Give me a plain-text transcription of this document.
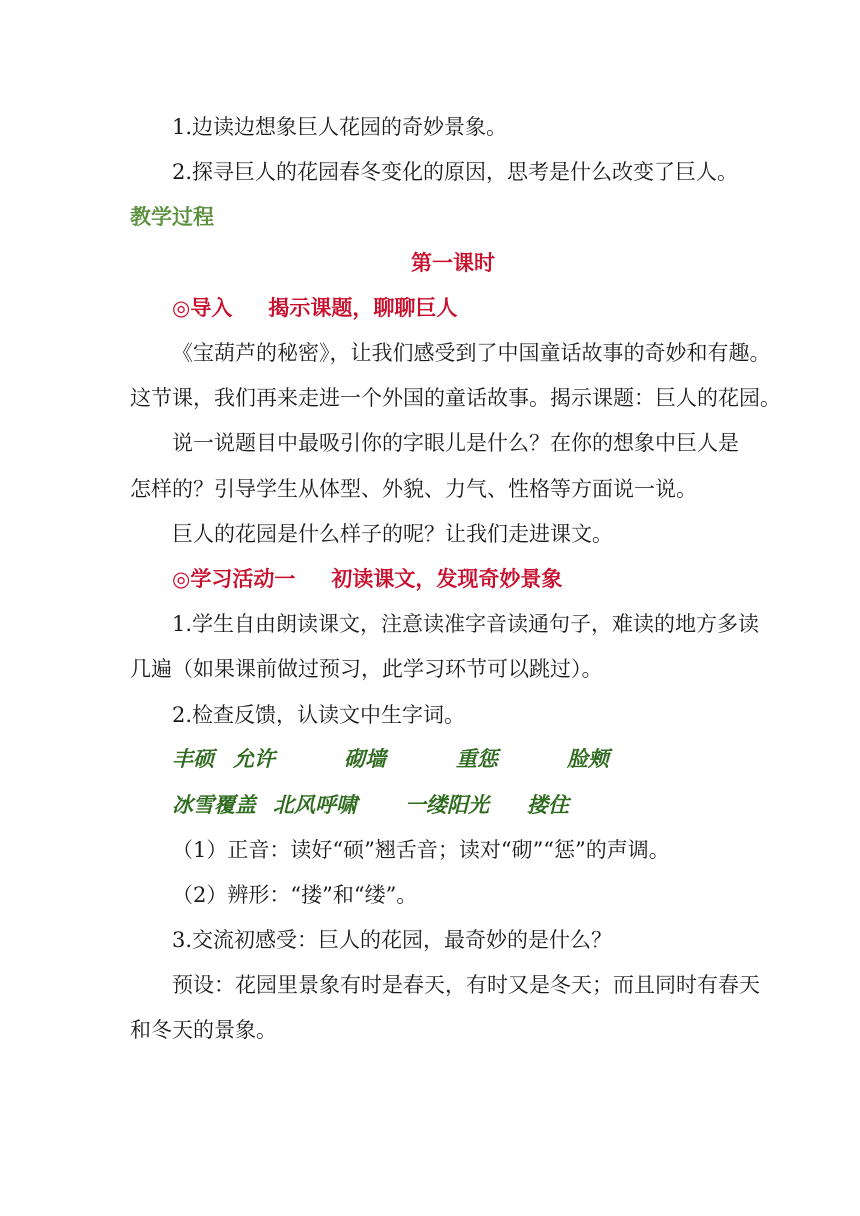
1.边读边想象巨人花园的奇妙景象。
2.探寻巨人的花园春冬变化的原因，思考是什么改变了巨人。
教学过程
第一课时
◎导入 揭示课题，聊聊巨人
《宝葫芦的秘密》，让我们感受到了中国童话故事的奇妙和有趣。
这节课，我们再来走进一个外国的童话故事。揭示课题：巨人的花园。
说一说题目中最吸引你的字眼儿是什么？在你的想象中巨人是
怎样的？引导学生从体型、外貌、力气、性格等方面说一说。
巨人的花园是什么样子的呢？让我们走进课文。
◎学习活动一 初读课文，发现奇妙景象
1.学生自由朗读课文，注意读准字音读通句子，难读的地方多读
几遍（如果课前做过预习，此学习环节可以跳过）。
2.检查反馈，认读文中生字词。
丰硕 允许	砌墙	重惩	脸颊
冰雪覆盖 北风呼啸 一缕阳光 搂住
（1）正音：读好“硕”翘舌音；读对“砌”“惩”的声调。
（2）辨形：“搂”和“缕”。
3.交流初感受：巨人的花园，最奇妙的是什么？
预设：花园里景象有时是春天，有时又是冬天；而且同时有春天
和冬天的景象。
